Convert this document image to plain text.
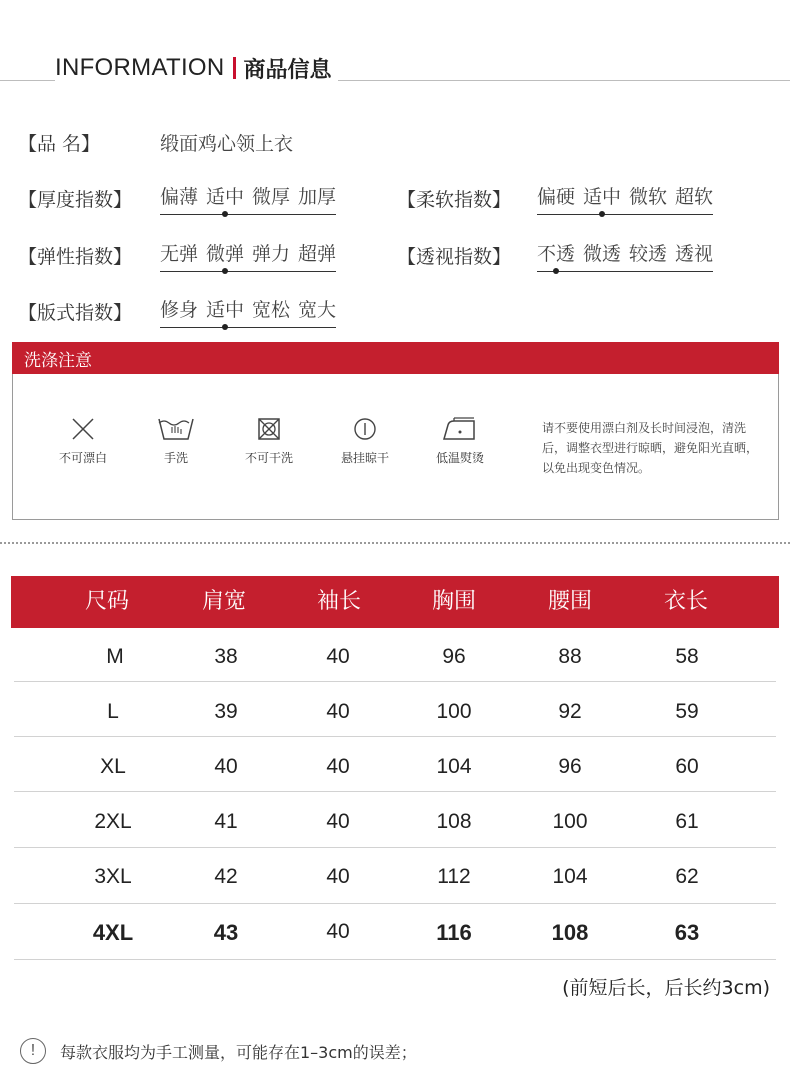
INFORMATION 商品信息
【品 名】	缎面鸡心领上衣
【厚度指数】	偏薄 适中 微厚 加厚	【柔软指数】	偏硬 适中 微软 超软
【弹性指数】	无弹 微弹 弹力 超弹	【透视指数】	不透 微透 较透 透视
【版式指数】	修身 适中 宽松 宽大
洗涤注意
不可漂白	手洗	不可干洗	悬挂晾干	低温熨烫
请不要使用漂白剂及长时间浸泡，清洗后，调整衣型进行晾晒，避免阳光直晒，以免出现变色情况。
尺码	肩宽	袖长	胸围	腰围	衣长
M	38	40	96	88	58
L	39	40	100	92	59
XL	40	40	104	96	60
2XL	41	40	108	100	61
3XL	42	40	112	104	62
4XL	43	40	116	108	63
(前短后长，后长约3cm)
!	每款衣服均为手工测量，可能存在1–3cm的误差；
